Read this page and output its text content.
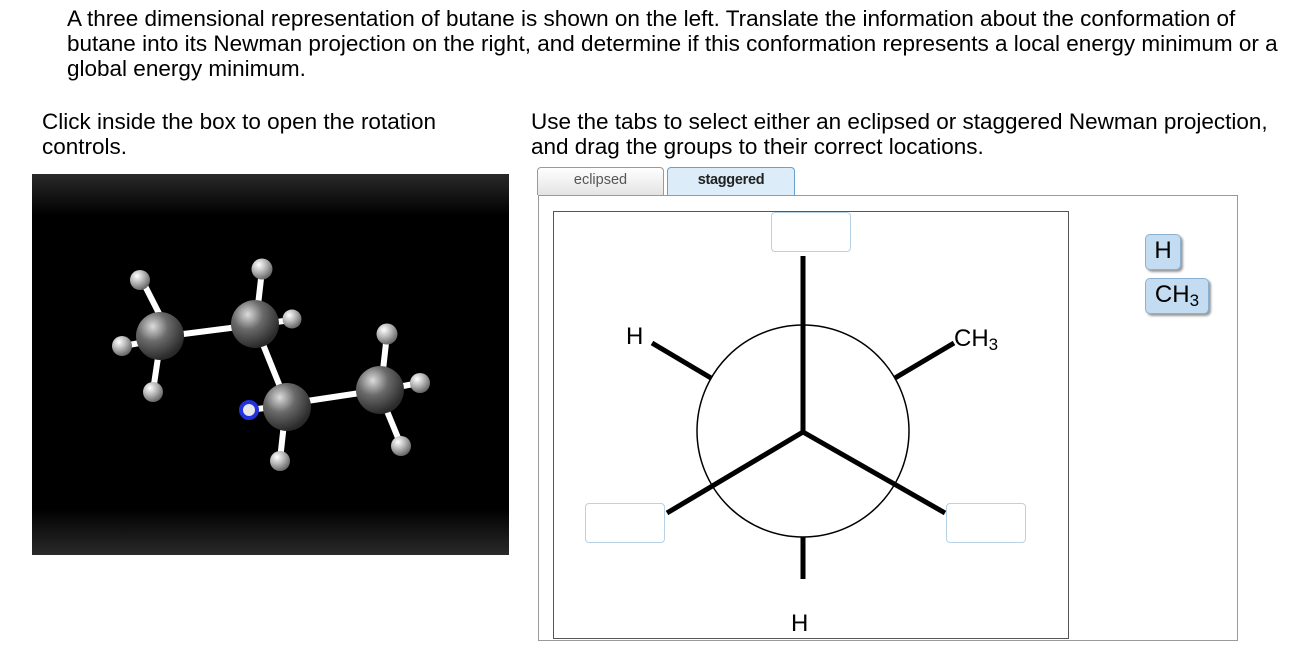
A three dimensional representation of butane is shown on the left. Translate the information about the conformation of butane into its Newman projection on the right, and determine if this conformation represents a local energy minimum or a global energy minimum.
Click inside the box to open the rotation controls.
Use the tabs to select either an eclipsed or staggered Newman projection, and drag the groups to their correct locations.
eclipsed	staggered
H	$CH_3$
H
H
$CH_3$
